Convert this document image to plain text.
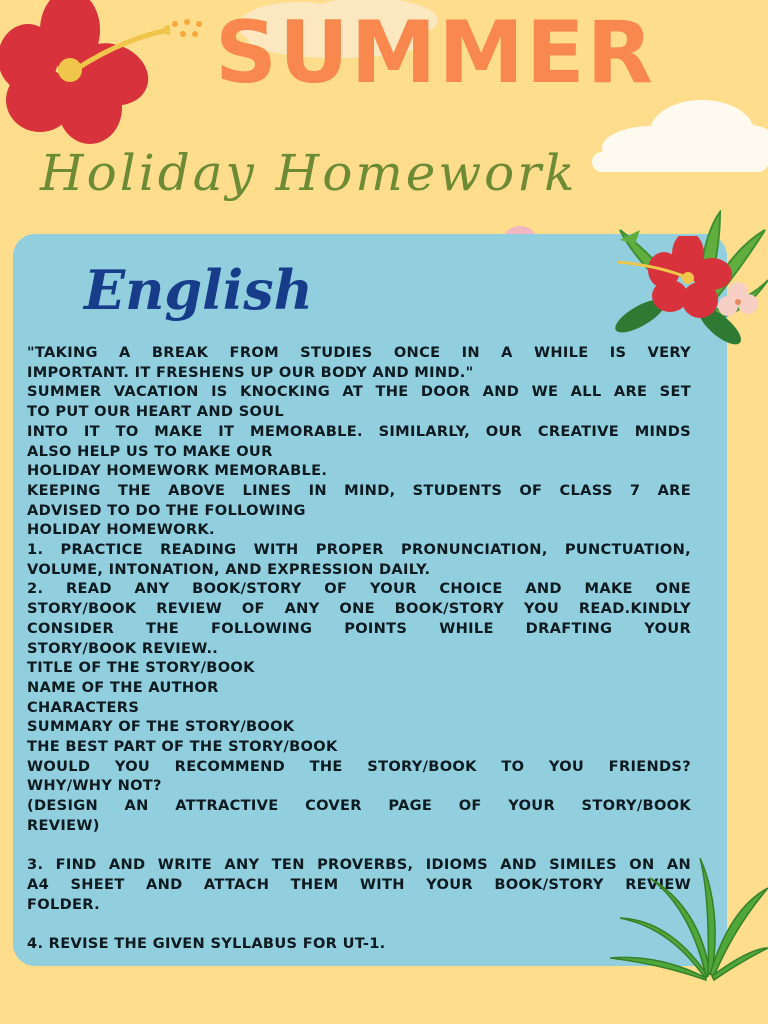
SUMMER
Holiday Homework
English
"TAKING A BREAK FROM STUDIES ONCE IN A WHILE IS VERY
IMPORTANT. IT FRESHENS UP OUR BODY AND MIND."
SUMMER VACATION IS KNOCKING AT THE DOOR AND WE ALL ARE SET
TO PUT OUR HEART AND SOUL
INTO IT TO MAKE IT MEMORABLE. SIMILARLY, OUR CREATIVE MINDS
ALSO HELP US TO MAKE OUR
HOLIDAY HOMEWORK MEMORABLE.
KEEPING THE ABOVE LINES IN MIND, STUDENTS OF CLASS 7 ARE
ADVISED TO DO THE FOLLOWING
HOLIDAY HOMEWORK.
1. PRACTICE READING WITH PROPER PRONUNCIATION, PUNCTUATION,
VOLUME, INTONATION, AND EXPRESSION DAILY.
2. READ ANY BOOK/STORY OF YOUR CHOICE AND MAKE ONE
STORY/BOOK REVIEW OF ANY ONE BOOK/STORY YOU READ.KINDLY
CONSIDER THE FOLLOWING POINTS WHILE DRAFTING YOUR
STORY/BOOK REVIEW..
TITLE OF THE STORY/BOOK
NAME OF THE AUTHOR
CHARACTERS
SUMMARY OF THE STORY/BOOK
THE BEST PART OF THE STORY/BOOK
WOULD YOU RECOMMEND THE STORY/BOOK TO YOU FRIENDS?
WHY/WHY NOT?
(DESIGN AN ATTRACTIVE COVER PAGE OF YOUR STORY/BOOK
REVIEW)
3. FIND AND WRITE ANY TEN PROVERBS, IDIOMS AND SIMILES ON AN
A4 SHEET AND ATTACH THEM WITH YOUR BOOK/STORY REVIEW
FOLDER.
4. REVISE THE GIVEN SYLLABUS FOR UT-1.
